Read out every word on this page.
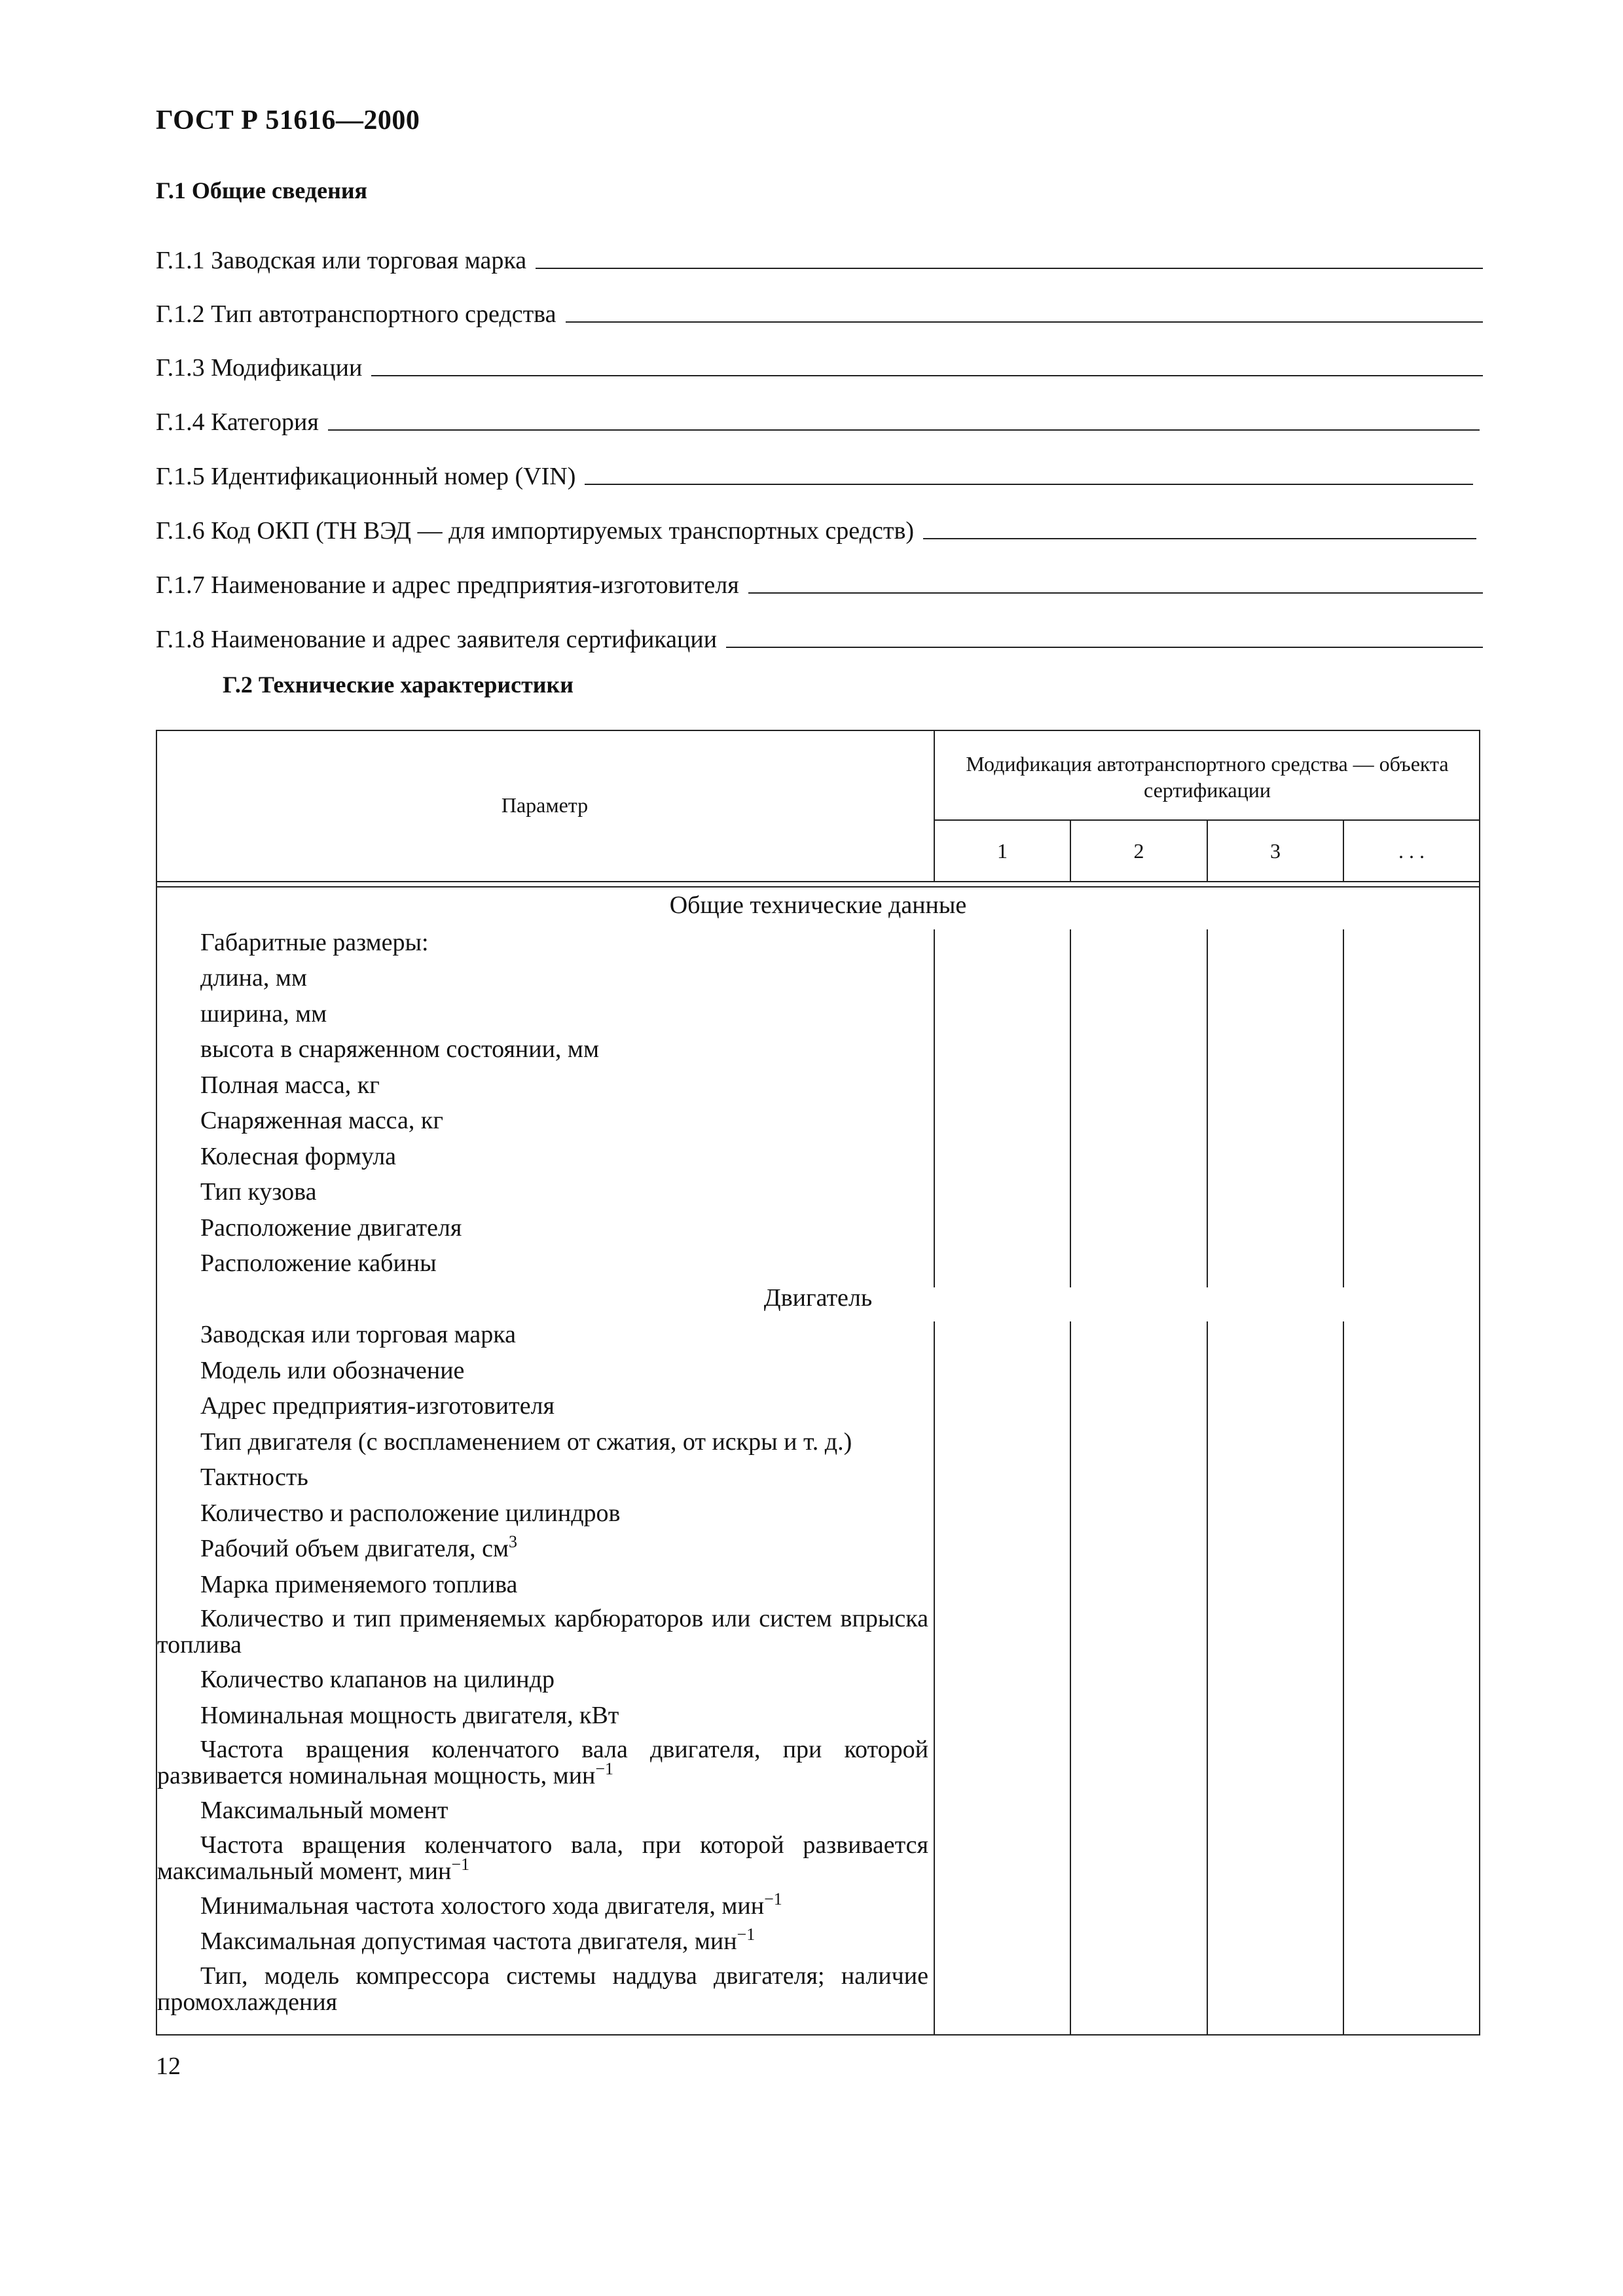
ГОСТ Р 51616—2000
Г.1 Общие сведения
Г.1.1 Заводская или торговая марка
Г.1.2 Тип автотранспортного средства
Г.1.3 Модификации
Г.1.4 Категория
Г.1.5 Идентификационный номер (VIN)
Г.1.6 Код ОКП (ТН ВЭД — для импортируемых транспортных средств)
Г.1.7 Наименование и адрес предприятия-изготовителя
Г.1.8 Наименование и адрес заявителя сертификации
Г.2 Технические характеристики
Параметр
Модификация автотранспортного средства — объекта сертификации
1	2	3	. . .
Общие технические данные
Габаритные размеры:
длина, мм
ширина, мм
высота в снаряженном состоянии, мм
Полная масса, кг
Снаряженная масса, кг
Колесная формула
Тип кузова
Расположение двигателя
Расположение кабины
Двигатель
Заводская или торговая марка
Модель или обозначение
Адрес предприятия-изготовителя
Тип двигателя (с воспламенением от сжатия, от искры и т. д.)
Тактность
Количество и расположение цилиндров
Рабочий объем двигателя, $см^3$
Марка применяемого топлива
Количество и тип применяемых карбюраторов или систем впрыска топлива
Количество клапанов на цилиндр
Номинальная мощность двигателя, кВт
Частота вращения коленчатого вала двигателя, при которой развивается номинальная мощность, мин$^{-1}$
Максимальный момент
Частота вращения коленчатого вала, при которой развивается максимальный момент, мин$^{-1}$
Минимальная частота холостого хода двигателя, мин$^{-1}$
Максимальная допустимая частота двигателя, мин$^{-1}$
Тип, модель компрессора системы наддува двигателя; наличие промохлаждения
12
